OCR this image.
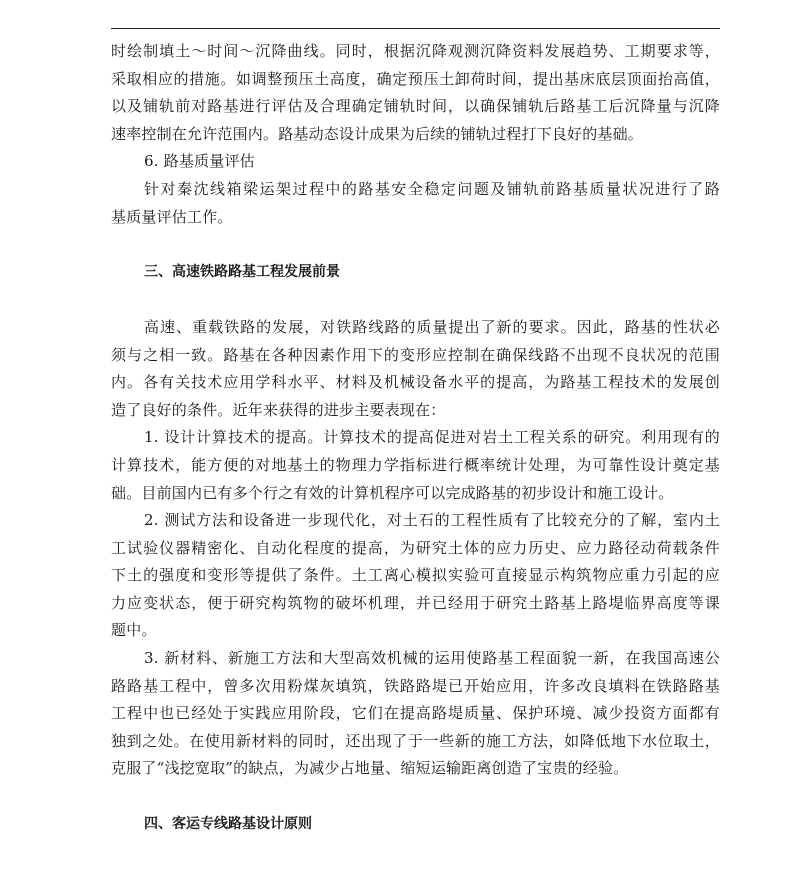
时绘制填土～时间～沉降曲线。同时，根据沉降观测沉降资料发展趋势、工期要求等，
采取相应的措施。如调整预压土高度，确定预压土卸荷时间，提出基床底层顶面抬高值，
以及铺轨前对路基进行评估及合理确定铺轨时间，以确保铺轨后路基工后沉降量与沉降
速率控制在允许范围内。路基动态设计成果为后续的铺轨过程打下良好的基础。
6. 路基质量评估
针对秦沈线箱梁运架过程中的路基安全稳定问题及铺轨前路基质量状况进行了路
基质量评估工作。
三、高速铁路路基工程发展前景
高速、重载铁路的发展，对铁路线路的质量提出了新的要求。因此，路基的性状必
须与之相一致。路基在各种因素作用下的变形应控制在确保线路不出现不良状况的范围
内。各有关技术应用学科水平、材料及机械设备水平的提高，为路基工程技术的发展创
造了良好的条件。近年来获得的进步主要表现在：
1. 设计计算技术的提高。计算技术的提高促进对岩土工程关系的研究。利用现有的
计算技术，能方便的对地基土的物理力学指标进行概率统计处理，为可靠性设计奠定基
础。目前国内已有多个行之有效的计算机程序可以完成路基的初步设计和施工设计。
2. 测试方法和设备进一步现代化，对土石的工程性质有了比较充分的了解，室内土
工试验仪器精密化、自动化程度的提高，为研究土体的应力历史、应力路径动荷载条件
下土的强度和变形等提供了条件。土工离心模拟实验可直接显示构筑物应重力引起的应
力应变状态，便于研究构筑物的破坏机理，并已经用于研究土路基上路堤临界高度等课
题中。
3. 新材料、新施工方法和大型高效机械的运用使路基工程面貌一新，在我国高速公
路路基工程中，曾多次用粉煤灰填筑，铁路路堤已开始应用，许多改良填料在铁路路基
工程中也已经处于实践应用阶段，它们在提高路堤质量、保护环境、减少投资方面都有
独到之处。在使用新材料的同时，还出现了于一些新的施工方法，如降低地下水位取土，
克服了“浅挖宽取”的缺点，为减少占地量、缩短运输距离创造了宝贵的经验。
四、客运专线路基设计原则
